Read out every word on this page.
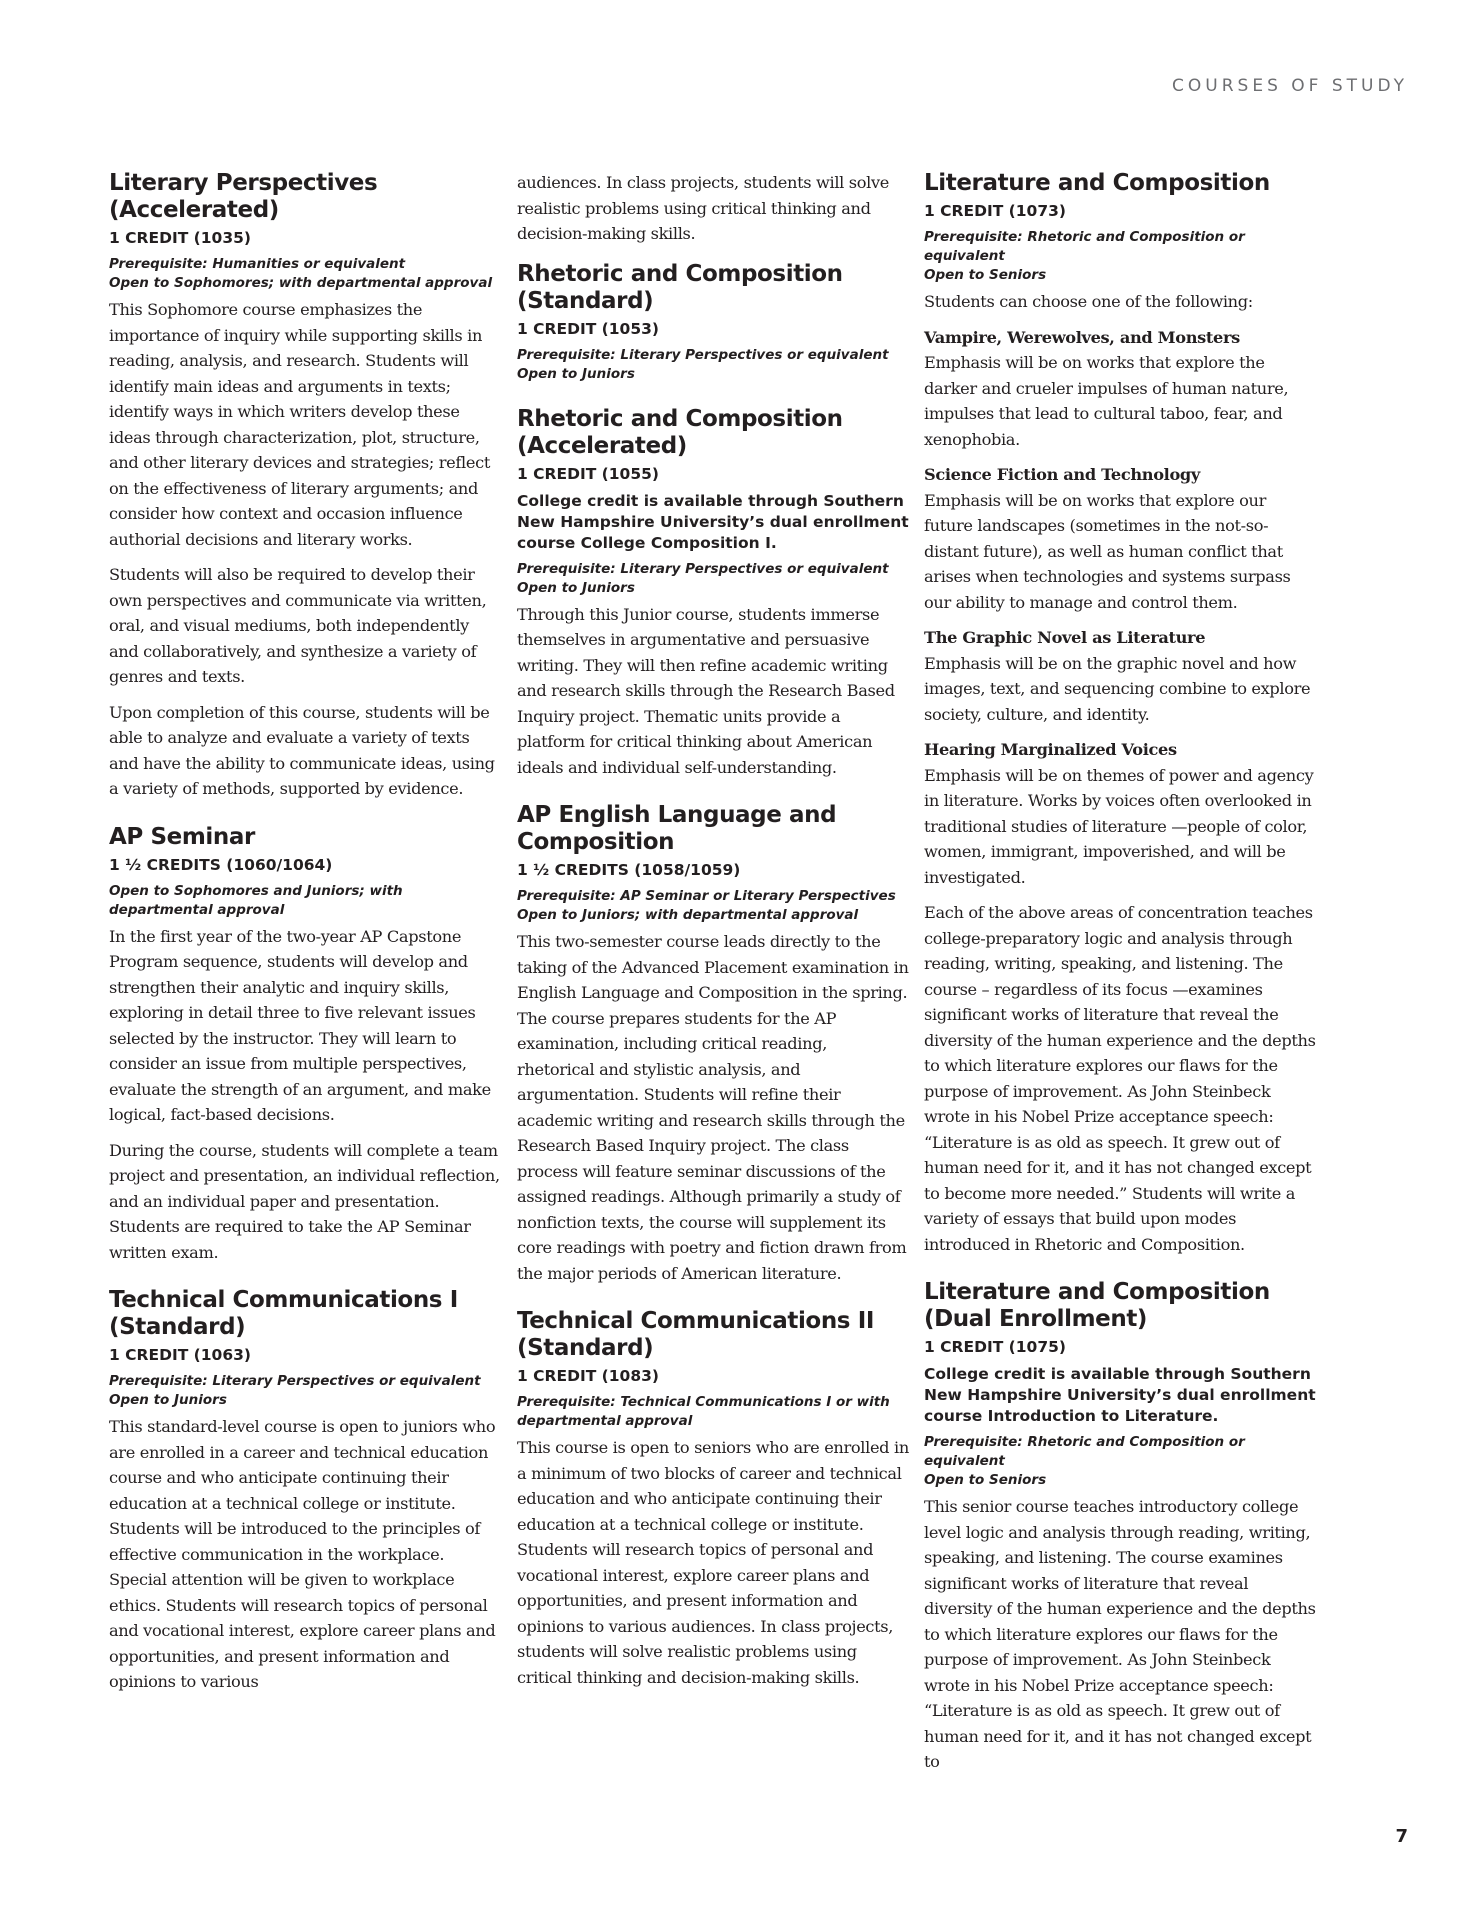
COURSES OF STUDY
Literary Perspectives
(Accelerated)
1 CREDIT (1035)
Prerequisite: Humanities or equivalent
Open to Sophomores; with departmental approval

This Sophomore course emphasizes the importance of inquiry while supporting skills in reading, analysis, and research. Students will identify main ideas and arguments in texts; identify ways in which writers develop these ideas through characterization, plot, structure, and other literary devices and strategies; reflect on the effectiveness of literary arguments; and consider how context and occasion influence authorial decisions and literary works.

Students will also be required to develop their own perspectives and communicate via written, oral, and visual mediums, both independently and collaboratively, and synthesize a variety of genres and texts.

Upon completion of this course, students will be able to analyze and evaluate a variety of texts and have the ability to communicate ideas, using a variety of methods, supported by evidence.

AP Seminar
1 ½ CREDITS (1060/1064)
Open to Sophomores and Juniors; with departmental approval

In the first year of the two-year AP Capstone Program sequence, students will develop and strengthen their analytic and inquiry skills, exploring in detail three to five relevant issues selected by the instructor. They will learn to consider an issue from multiple perspectives, evaluate the strength of an argument, and make logical, fact-based decisions.

During the course, students will complete a team project and presentation, an individual reflection, and an individual paper and presentation. Students are required to take the AP Seminar written exam.

Technical Communications I
(Standard)
1 CREDIT (1063)
Prerequisite: Literary Perspectives or equivalent
Open to Juniors

This standard-level course is open to juniors who are enrolled in a career and technical education course and who anticipate continuing their education at a technical college or institute. Students will be introduced to the principles of effective communication in the workplace. Special attention will be given to workplace ethics. Students will research topics of personal and vocational interest, explore career plans and opportunities, and present information and opinions to various

audiences. In class projects, students will solve realistic problems using critical thinking and decision-making skills.

Rhetoric and Composition
(Standard)
1 CREDIT (1053)
Prerequisite: Literary Perspectives or equivalent
Open to Juniors
Rhetoric and Composition
(Accelerated)
1 CREDIT (1055)
College credit is available through Southern New Hampshire University’s dual enrollment course College Composition I.
Prerequisite: Literary Perspectives or equivalent
Open to Juniors

Through this Junior course, students immerse themselves in argumentative and persuasive writing. They will then refine academic writing and research skills through the Research Based Inquiry project. Thematic units provide a platform for critical thinking about American ideals and individual self-understanding.

AP English Language and
Composition
1 ½ CREDITS (1058/1059)
Prerequisite: AP Seminar or Literary Perspectives
Open to Juniors; with departmental approval

This two-semester course leads directly to the taking of the Advanced Placement examination in English Language and Composition in the spring. The course prepares students for the AP examination, including critical reading, rhetorical and stylistic analysis, and argumentation. Students will refine their academic writing and research skills through the Research Based Inquiry project. The class process will feature seminar discussions of the assigned readings. Although primarily a study of nonfiction texts, the course will supplement its core readings with poetry and fiction drawn from the major periods of American literature.

Technical Communications II
(Standard)
1 CREDIT (1083)
Prerequisite: Technical Communications I or with departmental approval

This course is open to seniors who are enrolled in a minimum of two blocks of career and technical education and who anticipate continuing their education at a technical college or institute. Students will research topics of personal and vocational interest, explore career plans and opportunities, and present information and opinions to various audiences. In class projects, students will solve realistic problems using critical thinking and decision-making skills.

Literature and Composition
1 CREDIT (1073)
Prerequisite: Rhetoric and Composition or equivalent
Open to Seniors

Students can choose one of the following:

Vampire, Werewolves, and Monsters

Emphasis will be on works that explore the darker and crueler impulses of human nature, impulses that lead to cultural taboo, fear, and xenophobia.

Science Fiction and Technology

Emphasis will be on works that explore our future landscapes (sometimes in the not-so-distant future), as well as human conflict that arises when technologies and systems surpass our ability to manage and control them.

The Graphic Novel as Literature

Emphasis will be on the graphic novel and how images, text, and sequencing combine to explore society, culture, and identity.

Hearing Marginalized Voices

Emphasis will be on themes of power and agency in literature. Works by voices often overlooked in traditional studies of literature —people of color, women, immigrant, impoverished, and will be investigated.

Each of the above areas of concentration teaches college-preparatory logic and analysis through reading, writing, speaking, and listening. The course – regardless of its focus —examines significant works of literature that reveal the diversity of the human experience and the depths to which literature explores our flaws for the purpose of improvement. As John Steinbeck wrote in his Nobel Prize acceptance speech: “Literature is as old as speech. It grew out of human need for it, and it has not changed except to become more needed.” Students will write a variety of essays that build upon modes introduced in Rhetoric and Composition.

Literature and Composition
(Dual Enrollment)
1 CREDIT (1075)
College credit is available through Southern New Hampshire University’s dual enrollment course Introduction to Literature.
Prerequisite: Rhetoric and Composition or equivalent
Open to Seniors

This senior course teaches introductory college level logic and analysis through reading, writing, speaking, and listening. The course examines significant works of literature that reveal diversity of the human experience and the depths to which literature explores our flaws for the purpose of improvement. As John Steinbeck wrote in his Nobel Prize acceptance speech: “Literature is as old as speech. It grew out of human need for it, and it has not changed except to

7
